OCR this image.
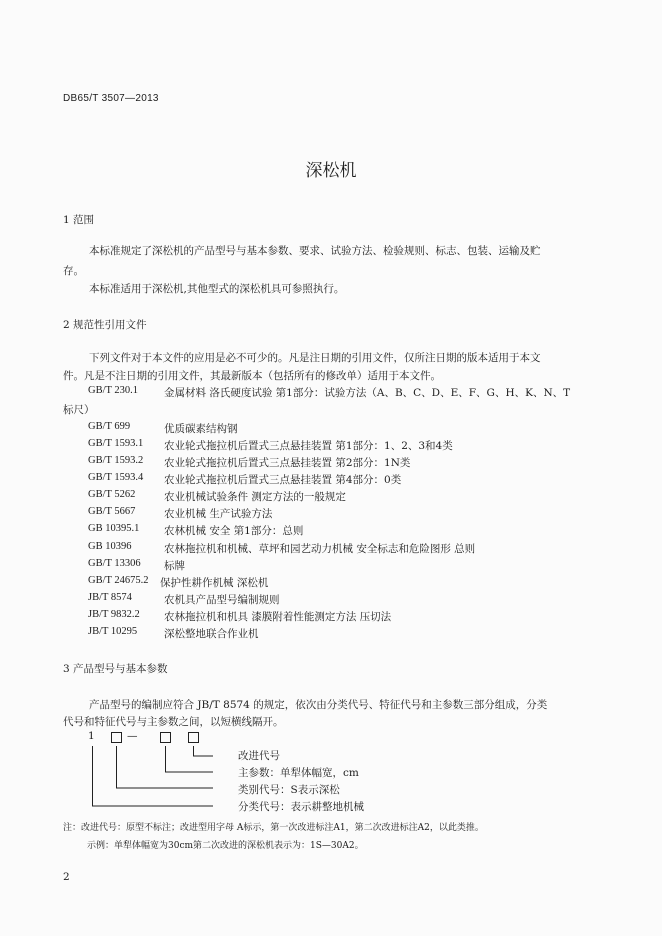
DB65/T 3507—2013
深松机
1 范围
本标准规定了深松机的产品型号与基本参数、要求、试验方法、检验规则、标志、包装、运输及贮
存。
本标准适用于深松机,其他型式的深松机具可参照执行。
2 规范性引用文件
下列文件对于本文件的应用是必不可少的。凡是注日期的引用文件，仅所注日期的版本适用于本文
件。凡是不注日期的引用文件，其最新版本（包括所有的修改单）适用于本文件。
GB/T 230.1 金属材料 洛氏硬度试验 第1部分：试验方法（A、B、C、D、E、F、G、H、K、N、T
标尺）
GB/T 699	优质碳素结构钢
GB/T 1593.1 农业轮式拖拉机后置式三点悬挂装置 第1部分：1、2、3和4类
GB/T 1593.2 农业轮式拖拉机后置式三点悬挂装置 第2部分：1N类
GB/T 1593.4 农业轮式拖拉机后置式三点悬挂装置 第4部分：0类
GB/T 5262	农业机械试验条件 测定方法的一般规定
GB/T 5667	农业机械 生产试验方法
GB 10395.1 农林机械 安全 第1部分：总则
GB 10396	农林拖拉机和机械、草坪和园艺动力机械 安全标志和危险图形 总则
GB/T 13306 标牌
GB/T 24675.2 保护性耕作机械 深松机
JB/T 8574	农机具产品型号编制规则
JB/T 9832.2 农林拖拉机和机具 漆膜附着性能测定方法 压切法
JB/T 10295	深松整地联合作业机
3 产品型号与基本参数
产品型号的编制应符合 JB/T 8574 的规定，依次由分类代号、特征代号和主参数三部分组成，分类
代号和特征代号与主参数之间，以短横线隔开。
1	—
改进代号
主参数：单犁体幅宽，cm
类别代号：S表示深松
分类代号：表示耕整地机械
注：改进代号：原型不标注；改进型用字母 A标示，第一次改进标注A1，第二次改进标注A2，以此类推。
示例：单犁体幅宽为30cm第二次改进的深松机表示为：1S—30A2。
2
